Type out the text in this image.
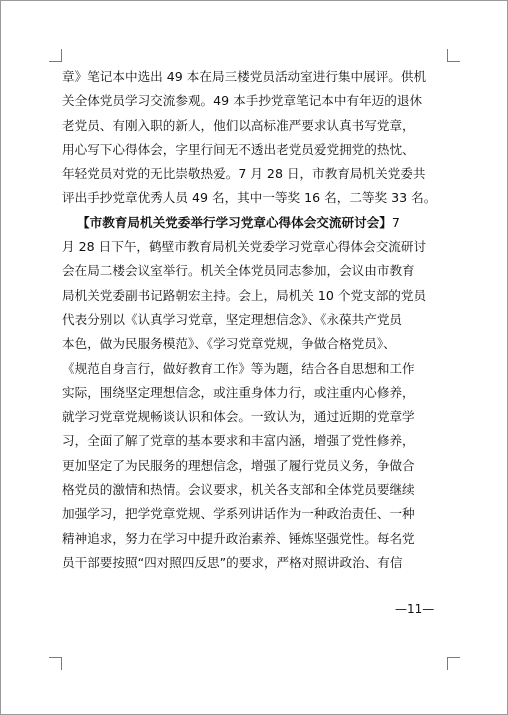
章》笔记本中选出 49 本在局三楼党员活动室进行集中展评。供机
关全体党员学习交流参观。49 本手抄党章笔记本中有年迈的退休
老党员、有刚入职的新人，他们以高标准严要求认真书写党章，
用心写下心得体会，字里行间无不透出老党员爱党拥党的热忱、
年轻党员对党的无比崇敬热爱。7 月 28 日，市教育局机关党委共
评出手抄党章优秀人员 49 名，其中一等奖 16 名，二等奖 33 名。
【市教育局机关党委举行学习党章心得体会交流研讨会】7
月 28 日下午，鹤壁市教育局机关党委学习党章心得体会交流研讨
会在局二楼会议室举行。机关全体党员同志参加，会议由市教育
局机关党委副书记路朝宏主持。会上，局机关 10 个党支部的党员
代表分别以《认真学习党章，坚定理想信念》、《永葆共产党员
本色，做为民服务模范》、《学习党章党规，争做合格党员》、
《规范自身言行，做好教育工作》等为题，结合各自思想和工作
实际，围绕坚定理想信念，或注重身体力行，或注重内心修养，
就学习党章党规畅谈认识和体会。一致认为，通过近期的党章学
习，全面了解了党章的基本要求和丰富内涵，增强了党性修养，
更加坚定了为民服务的理想信念，增强了履行党员义务，争做合
格党员的激情和热情。会议要求，机关各支部和全体党员要继续
加强学习，把学党章党规、学系列讲话作为一种政治责任、一种
精神追求，努力在学习中提升政治素养、锤炼坚强党性。每名党
员干部要按照“四对照四反思”的要求，严格对照讲政治、有信
—11—
